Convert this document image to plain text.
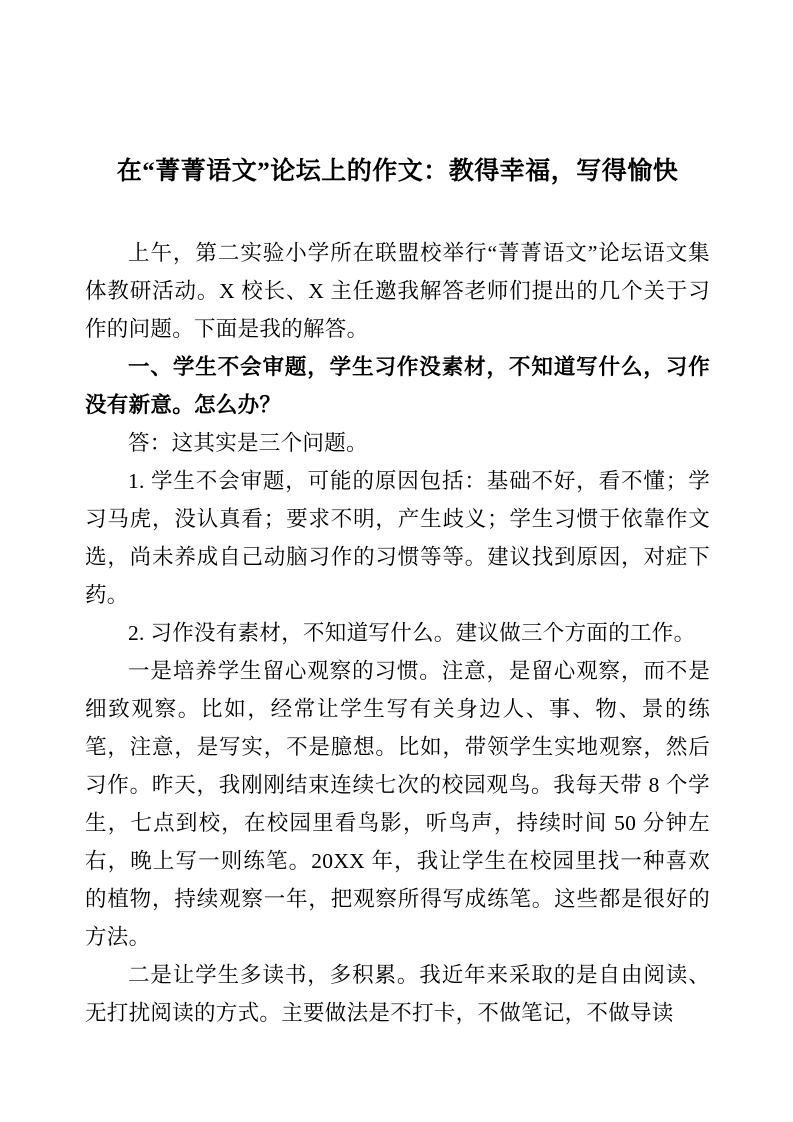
在“菁菁语文”论坛上的作文：教得幸福，写得愉快

上午，第二实验小学所在联盟校举行“菁菁语文”论坛语文集体教研活动。X 校长、X 主任邀我解答老师们提出的几个关于习作的问题。下面是我的解答。

一、学生不会审题，学生习作没素材，不知道写什么，习作没有新意。怎么办？

答：这其实是三个问题。

1. 学生不会审题，可能的原因包括：基础不好，看不懂；学习马虎，没认真看；要求不明，产生歧义；学生习惯于依靠作文选，尚未养成自己动脑习作的习惯等等。建议找到原因，对症下药。

2. 习作没有素材，不知道写什么。建议做三个方面的工作。

一是培养学生留心观察的习惯。注意，是留心观察，而不是细致观察。比如，经常让学生写有关身边人、事、物、景的练笔，注意，是写实，不是臆想。比如，带领学生实地观察，然后习作。昨天，我刚刚结束连续七次的校园观鸟。我每天带 8 个学生，七点到校，在校园里看鸟影，听鸟声，持续时间 50 分钟左右，晚上写一则练笔。20XX 年，我让学生在校园里找一种喜欢的植物，持续观察一年，把观察所得写成练笔。这些都是很好的方法。

二是让学生多读书，多积累。我近年来采取的是自由阅读、无打扰阅读的方式。主要做法是不打卡，不做笔记，不做导读
